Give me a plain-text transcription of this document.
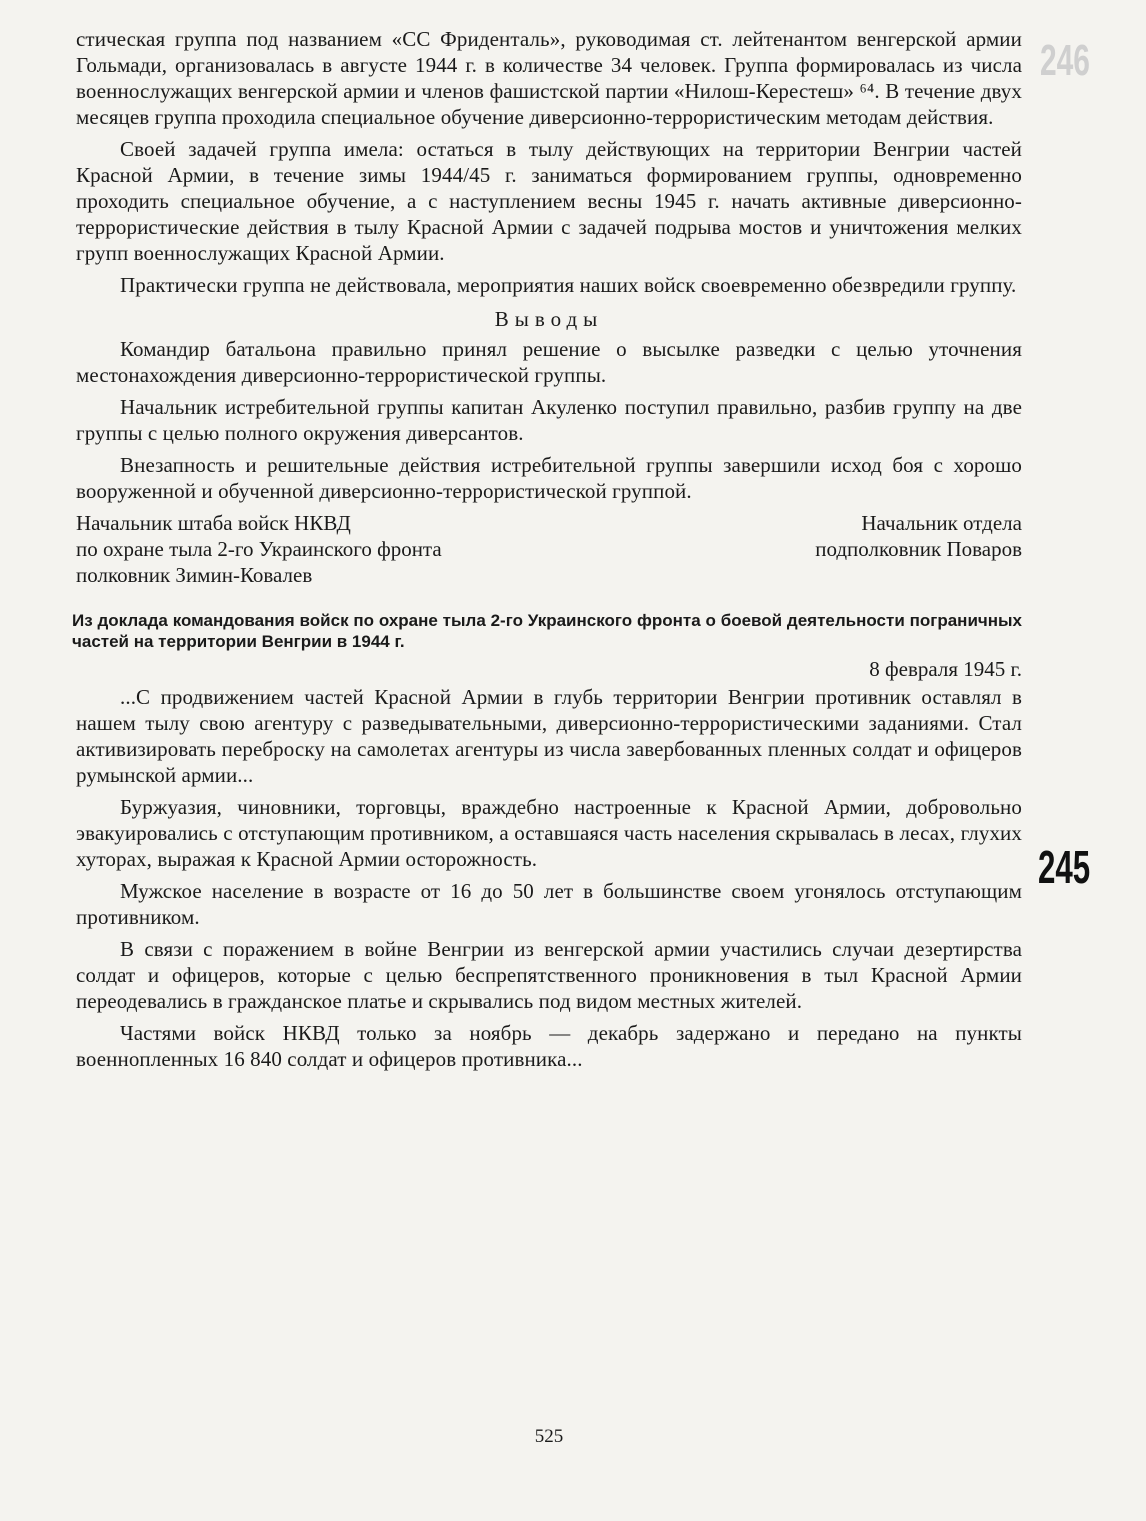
246
245

стическая группа под названием «СС Фриденталь», руководимая ст. лейтенантом венгерской армии Гольмади, организовалась в августе 1944 г. в количестве 34 человек. Группа формировалась из числа военнослужащих венгерской армии и членов фашистской партии «Нилош-Керестеш» ⁶⁴. В течение двух месяцев группа проходила специальное обучение диверсионно-террористическим методам действия.

Своей задачей группа имела: остаться в тылу действующих на территории Венгрии частей Красной Армии, в течение зимы 1944/45 г. заниматься формированием группы, одновременно проходить специальное обучение, а с наступлением весны 1945 г. начать активные диверсионно-террористические действия в тылу Красной Армии с задачей подрыва мостов и уничтожения мелких групп военнослужащих Красной Армии.

Практически группа не действовала, мероприятия наших войск своевременно обезвредили группу.

Выводы

Командир батальона правильно принял решение о высылке разведки с целью уточнения местонахождения диверсионно-террористической группы.

Начальник истребительной группы капитан Акуленко поступил правильно, разбив группу на две группы с целью полного окружения диверсантов.

Внезапность и решительные действия истребительной группы завершили исход боя с хорошо вооруженной и обученной диверсионно-террористической группой.

Начальник штаба войск НКВД
по охране тыла 2-го Украинского фронта
полковник Зимин-Ковалев
Начальник отдела
подполковник Поваров
Из доклада командования войск по охране тыла 2-го Украинского фронта о боевой деятельности пограничных частей на территории Венгрии в 1944 г.
8 февраля 1945 г.

...С продвижением частей Красной Армии в глубь территории Венгрии противник оставлял в нашем тылу свою агентуру с разведывательными, диверсионно-террористическими заданиями. Стал активизировать переброску на самолетах агентуры из числа завербованных пленных солдат и офицеров румынской армии...

Буржуазия, чиновники, торговцы, враждебно настроенные к Красной Армии, добровольно эвакуировались с отступающим противником, а оставшаяся часть населения скрывалась в лесах, глухих хуторах, выражая к Красной Армии осторожность.

Мужское население в возрасте от 16 до 50 лет в большинстве своем угонялось отступающим противником.

В связи с поражением в войне Венгрии из венгерской армии участились случаи дезертирства солдат и офицеров, которые с целью беспрепятственного проникновения в тыл Красной Армии переодевались в гражданское платье и скрывались под видом местных жителей.

Частями войск НКВД только за ноябрь — декабрь задержано и передано на пункты военнопленных 16 840 солдат и офицеров противника...

525
